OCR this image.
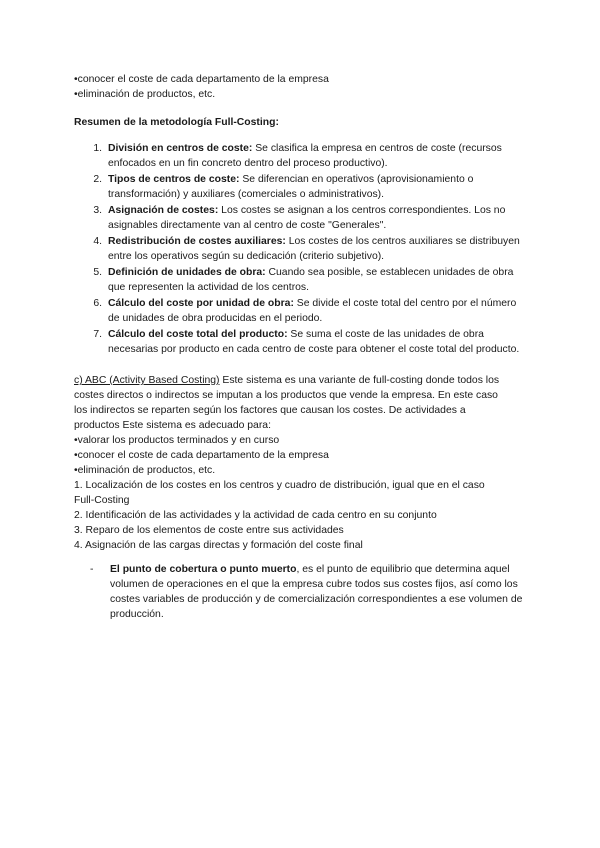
•conocer el coste de cada departamento de la empresa
•eliminación de productos, etc.
Resumen de la metodología Full-Costing:
1. División en centros de coste: Se clasifica la empresa en centros de coste (recursos enfocados en un fin concreto dentro del proceso productivo).
2. Tipos de centros de coste: Se diferencian en operativos (aprovisionamiento o transformación) y auxiliares (comerciales o administrativos).
3. Asignación de costes: Los costes se asignan a los centros correspondientes. Los no asignables directamente van al centro de coste "Generales".
4. Redistribución de costes auxiliares: Los costes de los centros auxiliares se distribuyen entre los operativos según su dedicación (criterio subjetivo).
5. Definición de unidades de obra: Cuando sea posible, se establecen unidades de obra que representen la actividad de los centros.
6. Cálculo del coste por unidad de obra: Se divide el coste total del centro por el número de unidades de obra producidas en el periodo.
7. Cálculo del coste total del producto: Se suma el coste de las unidades de obra necesarias por producto en cada centro de coste para obtener el coste total del producto.
c) ABC (Activity Based Costing) Este sistema es una variante de full-costing donde todos los
costes directos o indirectos se imputan a los productos que vende la empresa. En este caso
los indirectos se reparten según los factores que causan los costes. De actividades a
productos Este sistema es adecuado para:
•valorar los productos terminados y en curso
•conocer el coste de cada departamento de la empresa
•eliminación de productos, etc.
1. Localización de los costes en los centros y cuadro de distribución, igual que en el caso
Full-Costing
2. Identificación de las actividades y la actividad de cada centro en su conjunto
3. Reparo de los elementos de coste entre sus actividades
4. Asignación de las cargas directas y formación del coste final
-	El punto de cobertura o punto muerto, es el punto de equilibrio que determina aquel volumen de operaciones en el que la empresa cubre todos sus costes fijos, así como los costes variables de producción y de comercialización correspondientes a ese volumen de producción.
